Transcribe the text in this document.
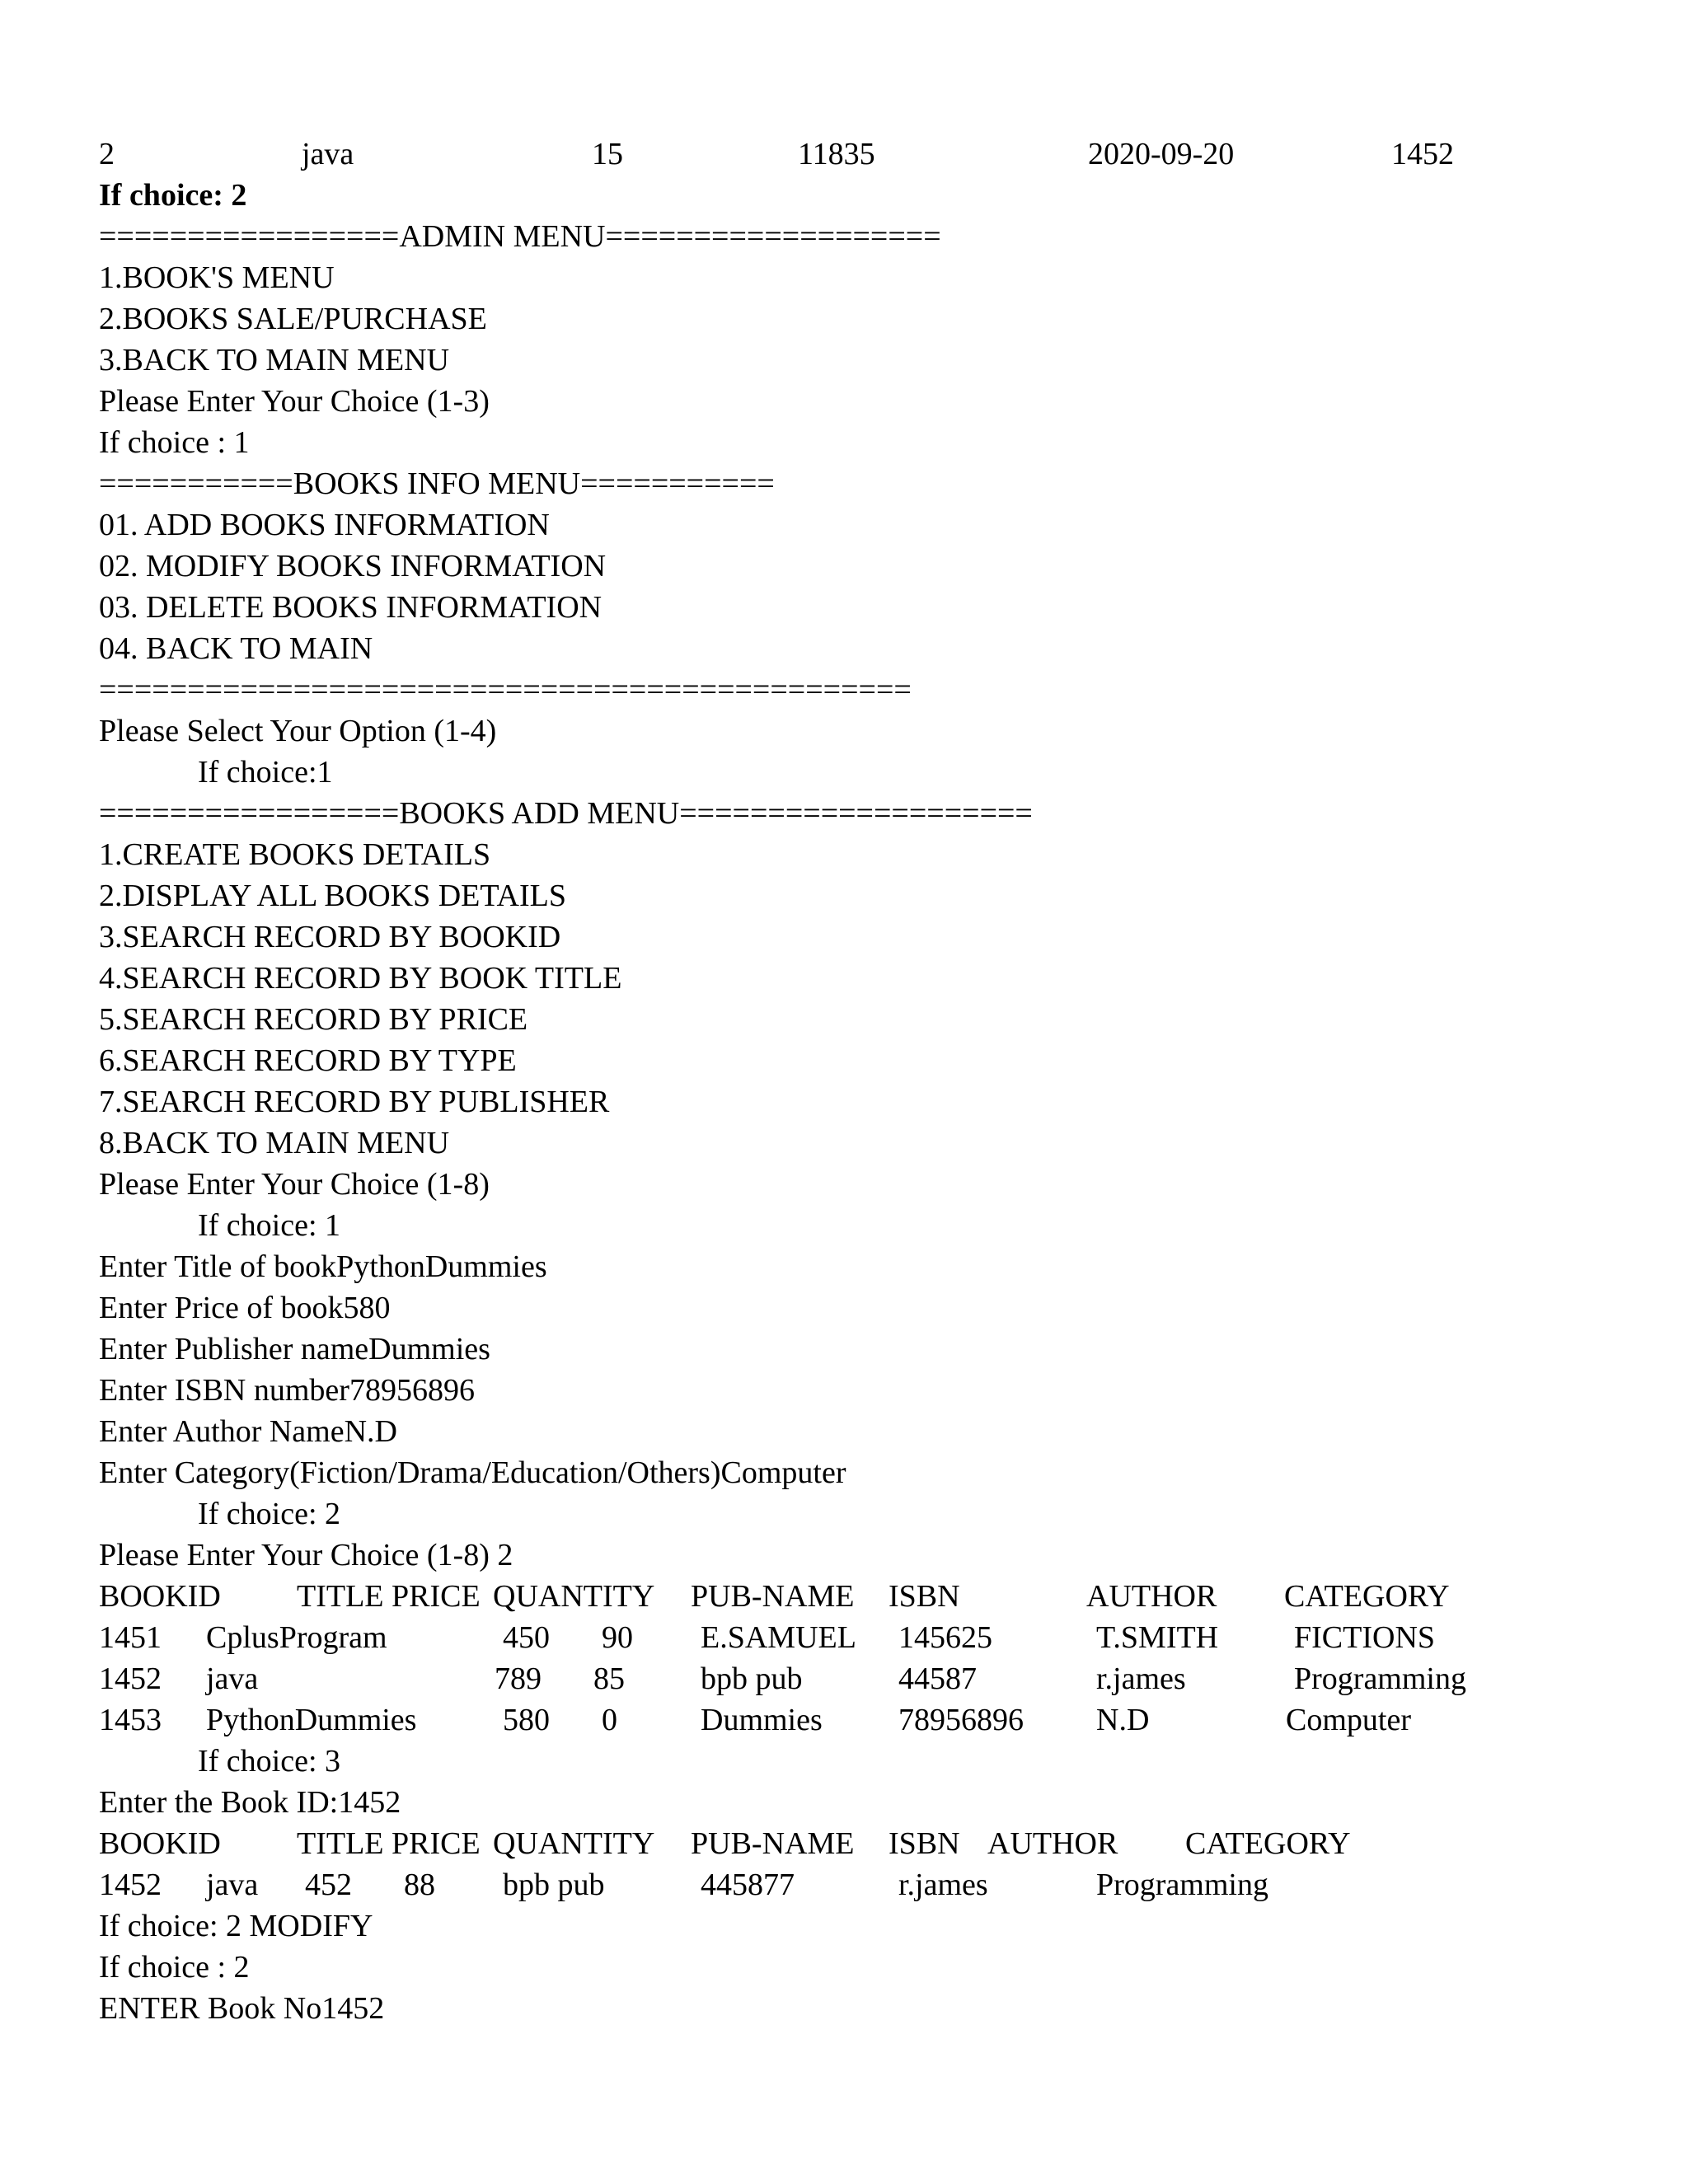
2	java	15	11835	2020-09-20	1452

If choice: 2

=================ADMIN MENU===================

1.BOOK'S MENU

2.BOOKS SALE/PURCHASE

3.BACK TO MAIN MENU

Please Enter Your Choice (1-3)

If choice : 1

===========BOOKS INFO MENU===========

01. ADD BOOKS INFORMATION

02. MODIFY BOOKS INFORMATION

03. DELETE BOOKS INFORMATION

04. BACK TO MAIN

==============================================

Please Select Your Option (1-4)

If choice:1

=================BOOKS ADD MENU====================

1.CREATE BOOKS DETAILS

2.DISPLAY ALL BOOKS DETAILS

3.SEARCH RECORD BY BOOKID

4.SEARCH RECORD BY BOOK TITLE

5.SEARCH RECORD BY PRICE

6.SEARCH RECORD BY TYPE

7.SEARCH RECORD BY PUBLISHER

8.BACK TO MAIN MENU

Please Enter Your Choice (1-8)

If choice: 1

Enter Title of bookPythonDummies

Enter Price of book580

Enter Publisher nameDummies

Enter ISBN number78956896

Enter Author NameN.D

Enter Category(Fiction/Drama/Education/Others)Computer

If choice: 2

Please Enter Your Choice (1-8) 2

BOOKID TITLE PRICE QUANTITY PUB-NAME ISBN	AUTHOR CATEGORY
1451 CplusProgram	450 90 E.SAMUEL 145625	T.SMITH FICTIONS
1452 java	789 85 bpb pub	44587	r.james	Programming
1453 PythonDummies	580 0	Dummies 78956896 N.D	Computer

If choice: 3

Enter the Book ID:1452

BOOKID TITLE PRICE QUANTITY PUB-NAME ISBN AUTHOR CATEGORY
1452 java 452 88 bpb pub	445877	r.james	Programming

If choice: 2 MODIFY

If choice : 2

ENTER Book No1452
